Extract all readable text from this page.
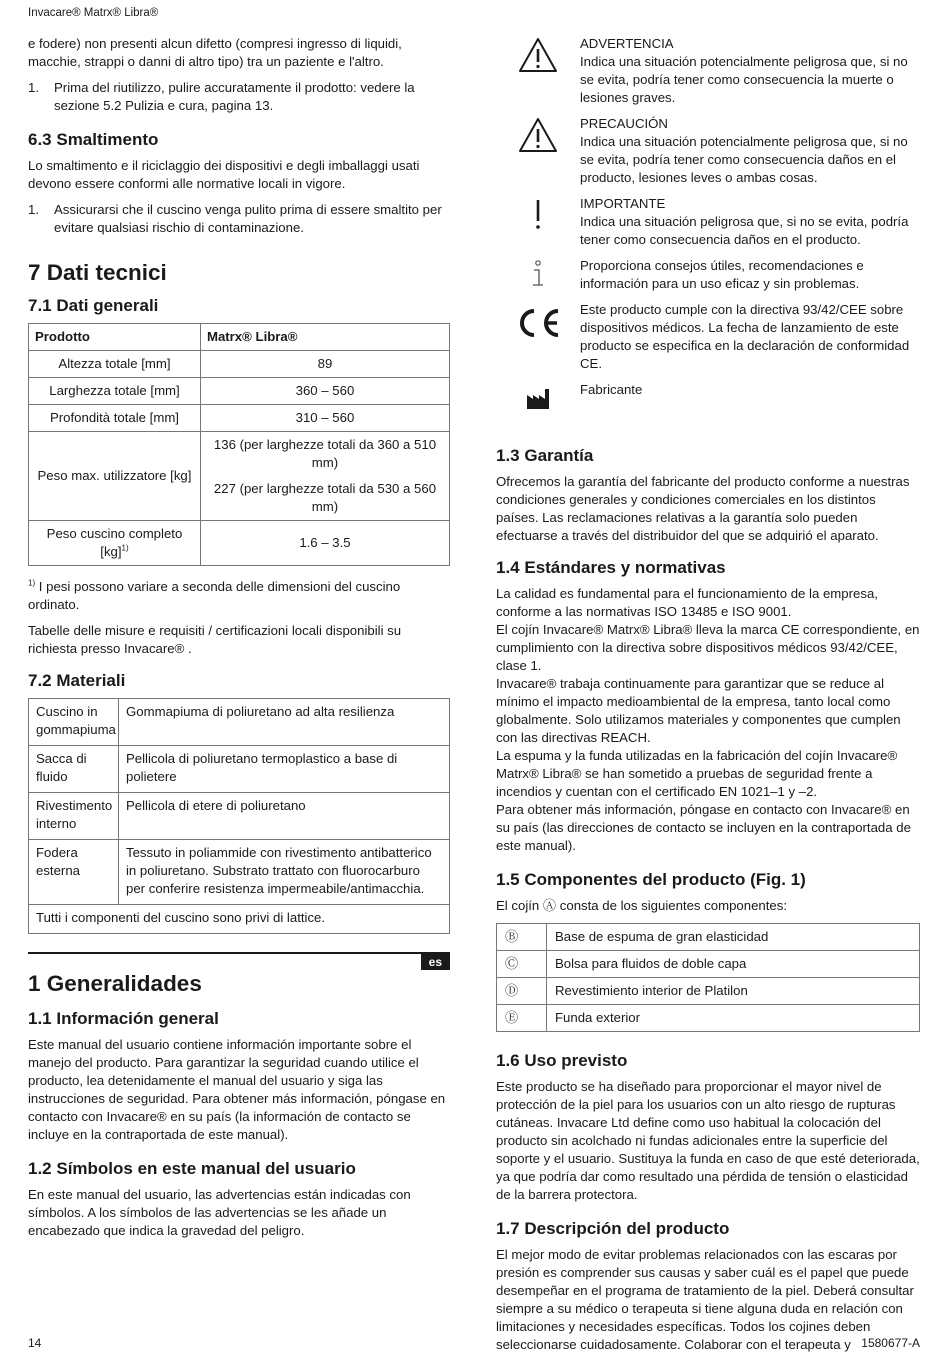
Invacare® Matrx® Libra®

e fodere) non presenti alcun difetto (compresi ingresso di liquidi, macchie, strappi o danni di altro tipo) tra un paziente e l'altro.

1.	Prima del riutilizzo, pulire accuratamente il prodotto: vedere la sezione 5.2 Pulizia e cura, pagina 13.
6.3 Smaltimento

Lo smaltimento e il riciclaggio dei dispositivi e degli imballaggi usati devono essere conformi alle normative locali in vigore.

1.	Assicurarsi che il cuscino venga pulito prima di essere smaltito per evitare qualsiasi rischio di contaminazione.
7 Dati tecnici
7.1 Dati generali
Prodotto	Matrx® Libra®
Altezza totale [mm]	89
Larghezza totale [mm]	360 – 560
Profondità totale [mm]	310 – 560
Peso max. utilizzatore [kg]	136 (per larghezze totali da 360 a 510 mm)
227 (per larghezze totali da 530 a 560 mm)

Peso cuscino completo [kg]$^{1)}$	1.6 – 3.5

$^{1)}$ I pesi possono variare a seconda delle dimensioni del cuscino ordinato.

Tabelle delle misure e requisiti / certificazioni locali disponibili su richiesta presso Invacare® .

7.2 Materiali
Cuscino in gommapiuma	Gommapiuma di poliuretano ad alta resilienza
Sacca di fluido	Pellicola di poliuretano termoplastico a base di polietere
Rivestimento interno	Pellicola di etere di poliuretano
Fodera esterna	Tessuto in poliammide con rivestimento antibatterico in poliuretano. Substrato trattato con fluorocarburo per conferire resistenza impermeabile/antimacchia.
Tutti i componenti del cuscino sono privi di lattice.	
es
1 Generalidades
1.1 Información general

Este manual del usuario contiene información importante sobre el manejo del producto. Para garantizar la seguridad cuando utilice el producto, lea detenidamente el manual del usuario y siga las instrucciones de seguridad. Para obtener más información, póngase en contacto con Invacare® en su país (la información de contacto se incluye en la contraportada de este manual).

1.2 Símbolos en este manual del usuario

En este manual del usuario, las advertencias están indicadas con símbolos. A los símbolos de las advertencias se les añade un encabezado que indica la gravedad del peligro.

ADVERTENCIA
Indica una situación potencialmente peligrosa que, si no se evita, podría tener como consecuencia la muerte o lesiones graves.
PRECAUCIÓN
Indica una situación potencialmente peligrosa que, si no se evita, podría tener como consecuencia daños en el producto, lesiones leves o ambas cosas.
IMPORTANTE
Indica una situación peligrosa que, si no se evita, podría tener como consecuencia daños en el producto.
Proporciona consejos útiles, recomendaciones e información para un uso eficaz y sin problemas.
Este producto cumple con la directiva 93/42/CEE sobre dispositivos médicos. La fecha de lanzamiento de este producto se especifica en la declaración de conformidad CE.
Fabricante
1.3 Garantía

Ofrecemos la garantía del fabricante del producto conforme a nuestras condiciones generales y condiciones comerciales en los distintos países. Las reclamaciones relativas a la garantía solo pueden efectuarse a través del distribuidor del que se adquirió el aparato.

1.4 Estándares y normativas
La calidad es fundamental para el funcionamiento de la empresa, conforme a las normativas ISO 13485 e ISO 9001.
El cojín Invacare® Matrx® Libra® lleva la marca CE correspondiente, en cumplimiento con la directiva sobre dispositivos médicos 93/42/CEE, clase 1.
Invacare® trabaja continuamente para garantizar que se reduce al mínimo el impacto medioambiental de la empresa, tanto local como globalmente. Solo utilizamos materiales y componentes que cumplen con las directivas REACH.
La espuma y la funda utilizadas en la fabricación del cojín Invacare® Matrx® Libra® se han sometido a pruebas de seguridad frente a incendios y cuentan con el certificado EN 1021–1 y –2.
Para obtener más información, póngase en contacto con Invacare® en su país (las direcciones de contacto se incluyen en la contraportada de este manual).
1.5 Componentes del producto (Fig. 1)

El cojín Ⓐ consta de los siguientes componentes:

Ⓑ	Base de espuma de gran elasticidad
Ⓒ	Bolsa para fluidos de doble capa
Ⓓ	Revestimiento interior de Platilon
Ⓔ	Funda exterior
1.6 Uso previsto

Este producto se ha diseñado para proporcionar el mayor nivel de protección de la piel para los usuarios con un alto riesgo de rupturas cutáneas. Invacare Ltd define como uso habitual la colocación del producto sin acolchado ni fundas adicionales entre la superficie del soporte y el usuario. Sustituya la funda en caso de que esté deteriorada, ya que podría dar como resultado una pérdida de tensión o elasticidad de la barrera protectora.

1.7 Descripción del producto

El mejor modo de evitar problemas relacionados con las escaras por presión es comprender sus causas y saber cuál es el papel que puede desempeñar en el programa de tratamiento de la piel. Deberá consultar siempre a su médico o terapeuta si tiene alguna duda en relación con limitaciones y necesidades específicas. Todos los cojines deben seleccionarse cuidadosamente. Colaborar con el terapeuta y

14	1580677-A
